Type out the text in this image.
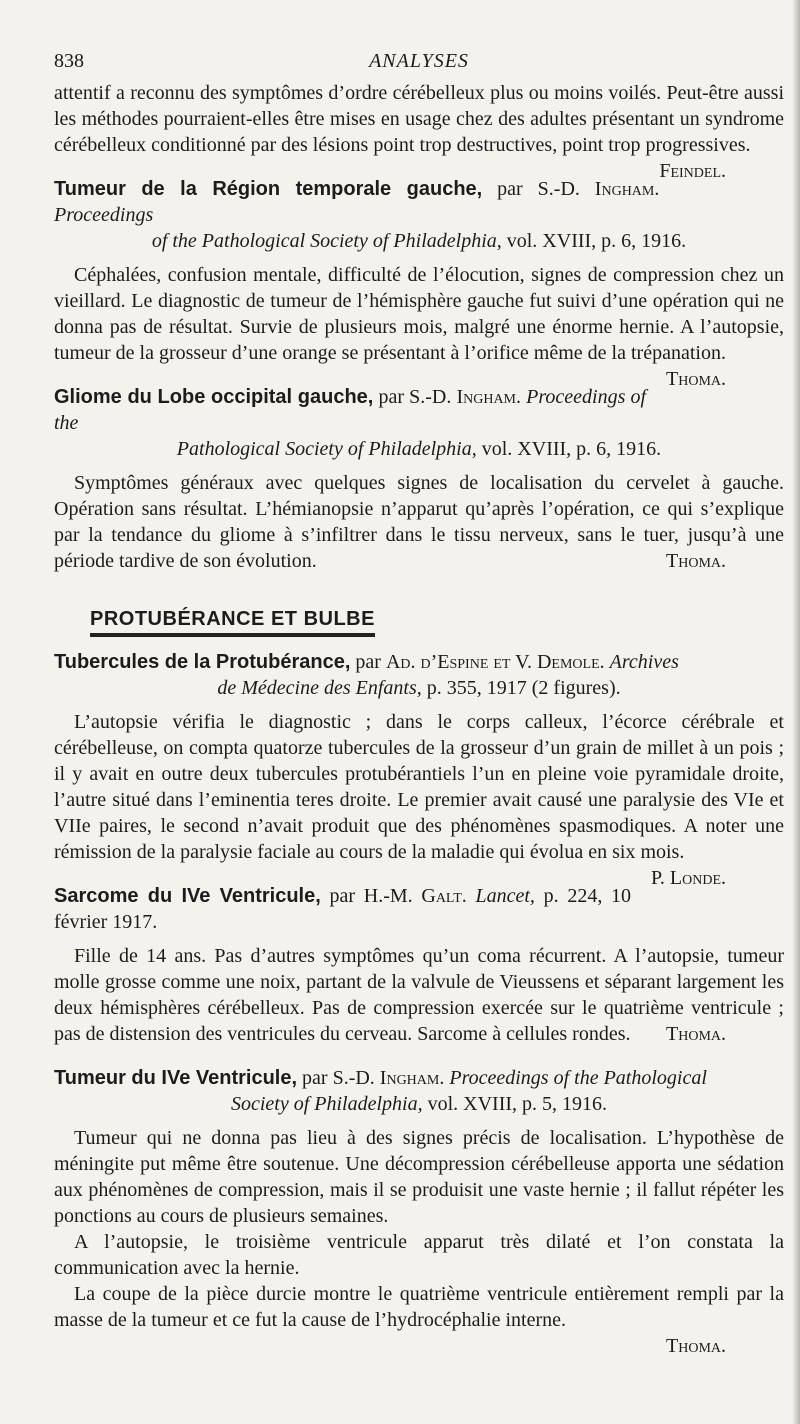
838	ANALYSES

attentif a reconnu des symptômes d’ordre cérébelleux plus ou moins voilés. Peut-être aussi les méthodes pourraient-elles être mises en usage chez des adultes présentant un syndrome cérébelleux conditionné par des lésions point trop destructives, point trop progressives.
Feindel.

Tumeur de la Région temporale gauche, par S.-D. Ingham. Proceedings
of the Pathological Society of Philadelphia, vol. XVIII, p. 6, 1916.

Céphalées, confusion mentale, difficulté de l’élocution, signes de compression chez un vieillard. Le diagnostic de tumeur de l’hémisphère gauche fut suivi d’une opération qui ne donna pas de résultat. Survie de plusieurs mois, malgré une énorme hernie. A l’autopsie, tumeur de la grosseur d’une orange se présentant à l’orifice même de la trépanation.
Thoma.

Gliome du Lobe occipital gauche, par S.-D. Ingham. Proceedings of the
Pathological Society of Philadelphia, vol. XVIII, p. 6, 1916.

Symptômes généraux avec quelques signes de localisation du cervelet à gauche. Opération sans résultat. L’hémianopsie n’apparut qu’après l’opération, ce qui s’explique par la tendance du gliome à s’infiltrer dans le tissu nerveux, sans le tuer, jusqu’à une période tardive de son évolution.	Thoma.

PROTUBÉRANCE ET BULBE
Tubercules de la Protubérance, par Ad. d’Espine et V. Demole. Archives
de Médecine des Enfants, p. 355, 1917 (2 figures).

L’autopsie vérifia le diagnostic ; dans le corps calleux, l’écorce cérébrale et cérébelleuse, on compta quatorze tubercules de la grosseur d’un grain de millet à un pois ; il y avait en outre deux tubercules protubérantiels l’un en pleine voie pyramidale droite, l’autre situé dans l’eminentia teres droite. Le premier avait causé une paralysie des VIe et VIIe paires, le second n’avait produit que des phénomènes spasmodiques. A noter une rémission de la paralysie faciale au cours de la maladie qui évolua en six mois.
P. Londe.

Sarcome du IVe Ventricule, par H.-M. Galt. Lancet, p. 224, 10 février 1917.

Fille de 14 ans. Pas d’autres symptômes qu’un coma récurrent. A l’autopsie, tumeur molle grosse comme une noix, partant de la valvule de Vieussens et séparant largement les deux hémisphères cérébelleux. Pas de compression exercée sur le quatrième ventricule ; pas de distension des ventricules du cerveau. Sarcome à cellules rondes.	Thoma.

Tumeur du IVe Ventricule, par S.-D. Ingham. Proceedings of the Pathological
Society of Philadelphia, vol. XVIII, p. 5, 1916.

Tumeur qui ne donna pas lieu à des signes précis de localisation. L’hypothèse de méningite put même être soutenue. Une décompression cérébelleuse apporta une sédation aux phénomènes de compression, mais il se produisit une vaste hernie ; il fallut répéter les ponctions au cours de plusieurs semaines.

A l’autopsie, le troisième ventricule apparut très dilaté et l’on constata la communication avec la hernie.

La coupe de la pièce durcie montre le quatrième ventricule entièrement rempli par la masse de la tumeur et ce fut la cause de l’hydrocéphalie interne.

Thoma.
